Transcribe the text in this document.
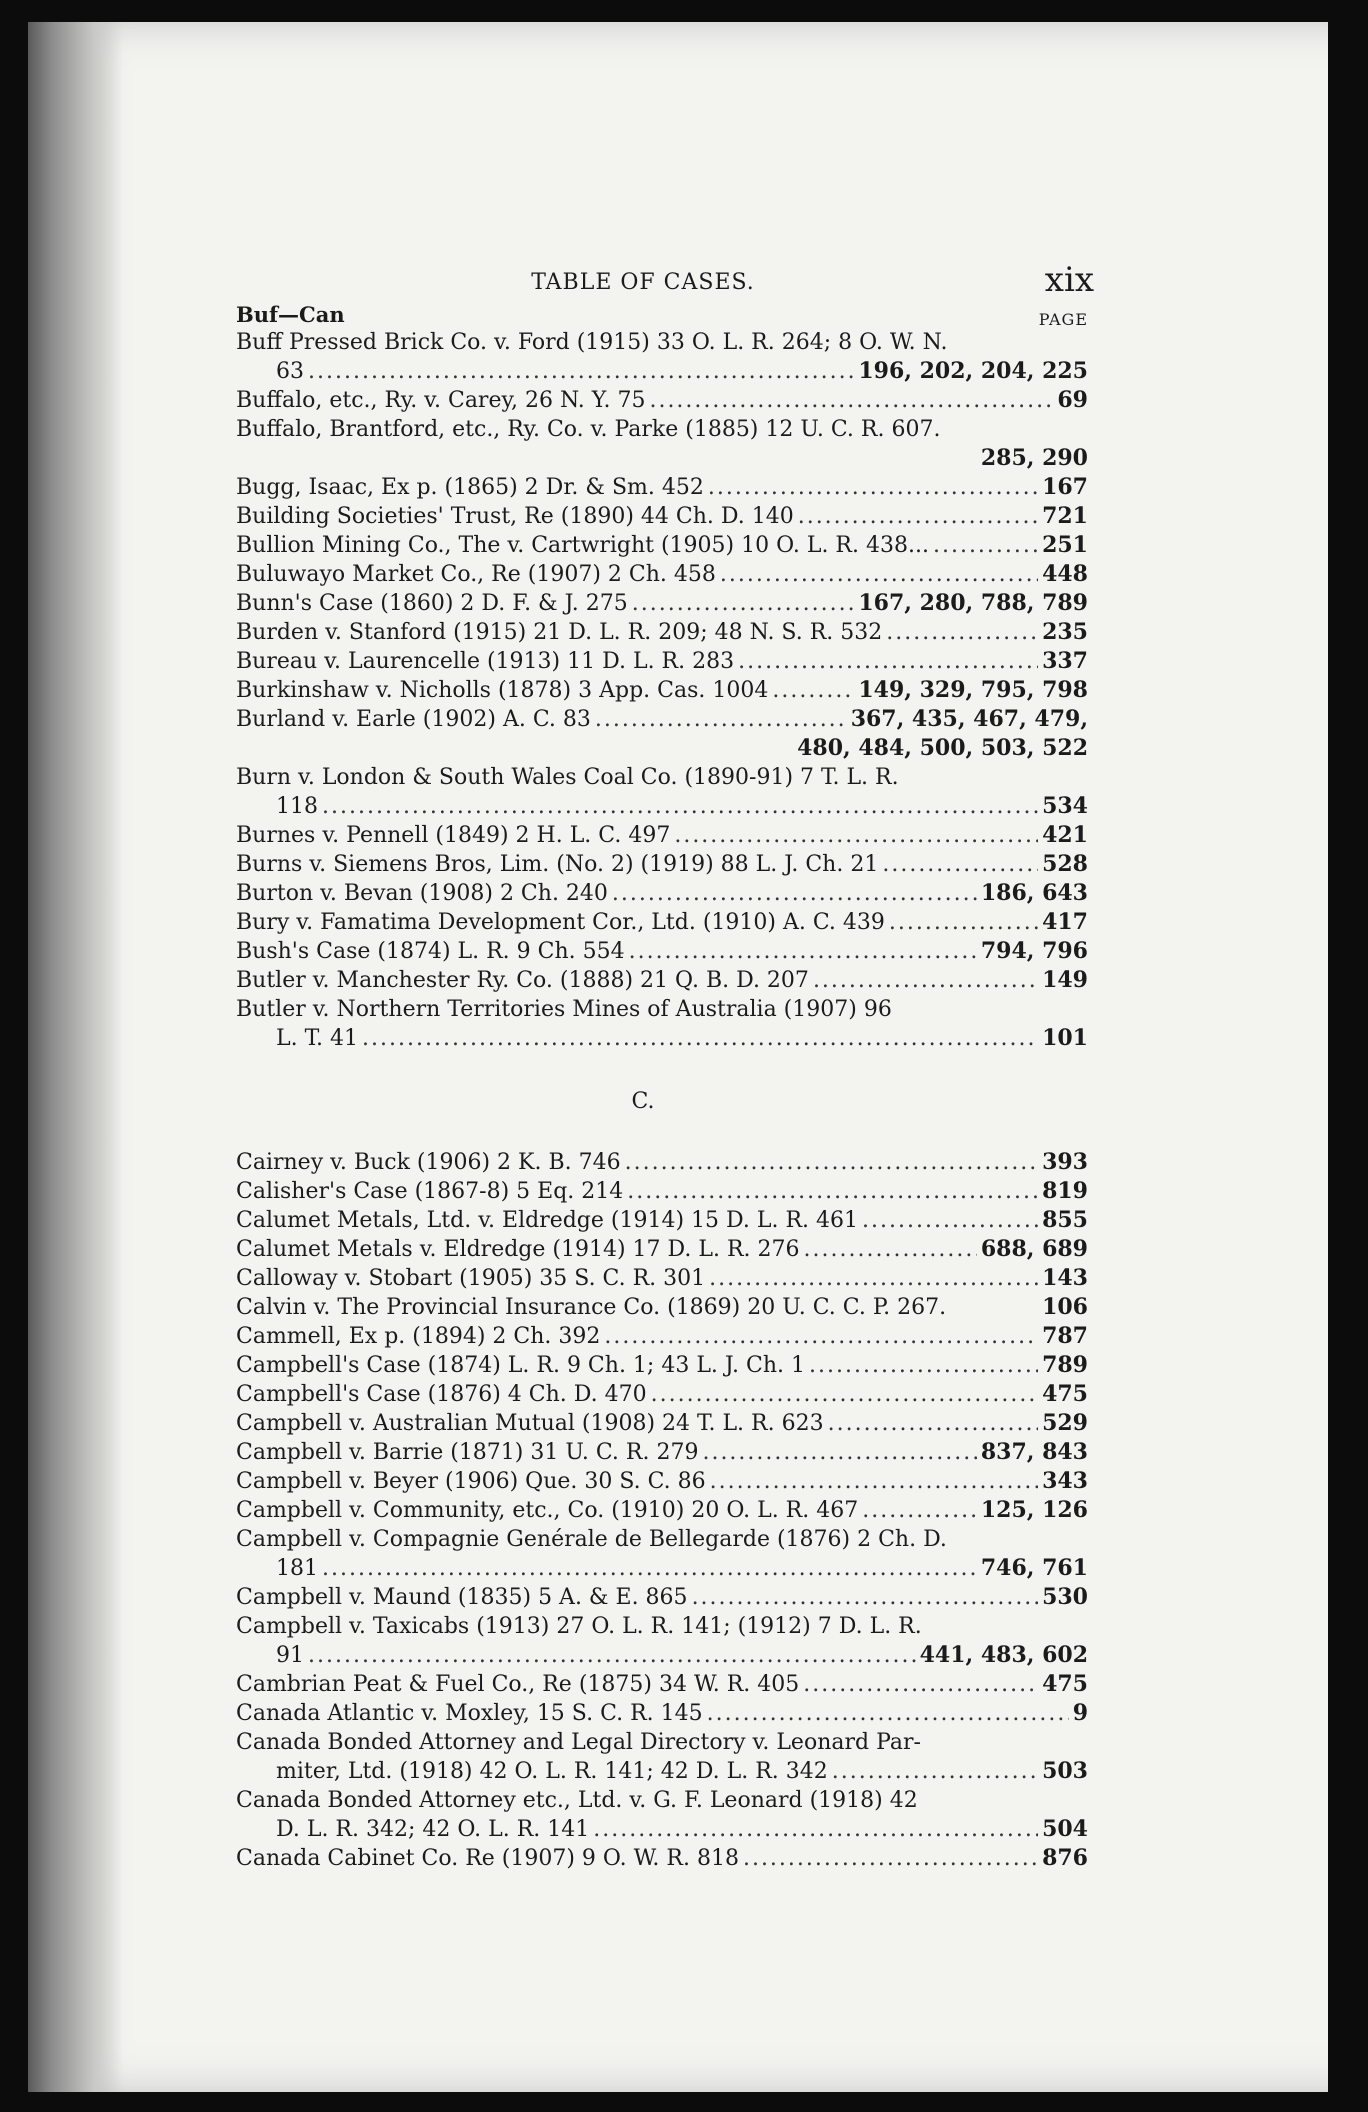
TABLE OF CASES.	xix
Buf—Can	PAGE
Buff Pressed Brick Co. v. Ford (1915) 33 O. L. R. 264; 8 O. W. N.
63 .....	196, 202, 204, 225
Buffalo, etc., Ry. v. Carey, 26 N. Y. 75 .....	69
Buffalo, Brantford, etc., Ry. Co. v. Parke (1885) 12 U. C. R. 607.
285, 290
Bugg, Isaac, Ex p. (1865) 2 Dr. & Sm. 452 .....	167
Building Societies' Trust, Re (1890) 44 Ch. D. 140 .....	721
Bullion Mining Co., The v. Cartwright (1905) 10 O. L. R. 438... .....	251
Buluwayo Market Co., Re (1907) 2 Ch. 458 .....	448
Bunn's Case (1860) 2 D. F. & J. 275 .....	167, 280, 788, 789
Burden v. Stanford (1915) 21 D. L. R. 209; 48 N. S. R. 532 .....	235
Bureau v. Laurencelle (1913) 11 D. L. R. 283 .....	337
Burkinshaw v. Nicholls (1878) 3 App. Cas. 1004 .....	149, 329, 795, 798
Burland v. Earle (1902) A. C. 83 .....	367, 435, 467, 479,
480, 484, 500, 503, 522
Burn v. London & South Wales Coal Co. (1890-91) 7 T. L. R.
118 .....	534
Burnes v. Pennell (1849) 2 H. L. C. 497 .....	421
Burns v. Siemens Bros, Lim. (No. 2) (1919) 88 L. J. Ch. 21 .....	528
Burton v. Bevan (1908) 2 Ch. 240 .....	186, 643
Bury v. Famatima Development Cor., Ltd. (1910) A. C. 439 .....	417
Bush's Case (1874) L. R. 9 Ch. 554 .....	794, 796
Butler v. Manchester Ry. Co. (1888) 21 Q. B. D. 207 .....	149
Butler v. Northern Territories Mines of Australia (1907) 96
L. T. 41 .....	101
C.
Cairney v. Buck (1906) 2 K. B. 746 .....	393
Calisher's Case (1867-8) 5 Eq. 214 .....	819
Calumet Metals, Ltd. v. Eldredge (1914) 15 D. L. R. 461 .....	855
Calumet Metals v. Eldredge (1914) 17 D. L. R. 276 .....	688, 689
Calloway v. Stobart (1905) 35 S. C. R. 301 .....	143
Calvin v. The Provincial Insurance Co. (1869) 20 U. C. C. P. 267.	106
Cammell, Ex p. (1894) 2 Ch. 392 .....	787
Campbell's Case (1874) L. R. 9 Ch. 1; 43 L. J. Ch. 1 .....	789
Campbell's Case (1876) 4 Ch. D. 470 .....	475
Campbell v. Australian Mutual (1908) 24 T. L. R. 623 .....	529
Campbell v. Barrie (1871) 31 U. C. R. 279 .....	837, 843
Campbell v. Beyer (1906) Que. 30 S. C. 86 .....	343
Campbell v. Community, etc., Co. (1910) 20 O. L. R. 467 .....	125, 126
Campbell v. Compagnie Genérale de Bellegarde (1876) 2 Ch. D.
181 .....	746, 761
Campbell v. Maund (1835) 5 A. & E. 865 .....	530
Campbell v. Taxicabs (1913) 27 O. L. R. 141; (1912) 7 D. L. R.
91 .....	441, 483, 602
Cambrian Peat & Fuel Co., Re (1875) 34 W. R. 405 .....	475
Canada Atlantic v. Moxley, 15 S. C. R. 145 .....	9
Canada Bonded Attorney and Legal Directory v. Leonard Par-
miter, Ltd. (1918) 42 O. L. R. 141; 42 D. L. R. 342 .....	503
Canada Bonded Attorney etc., Ltd. v. G. F. Leonard (1918) 42
D. L. R. 342; 42 O. L. R. 141 .....	504
Canada Cabinet Co. Re (1907) 9 O. W. R. 818 .....	876
